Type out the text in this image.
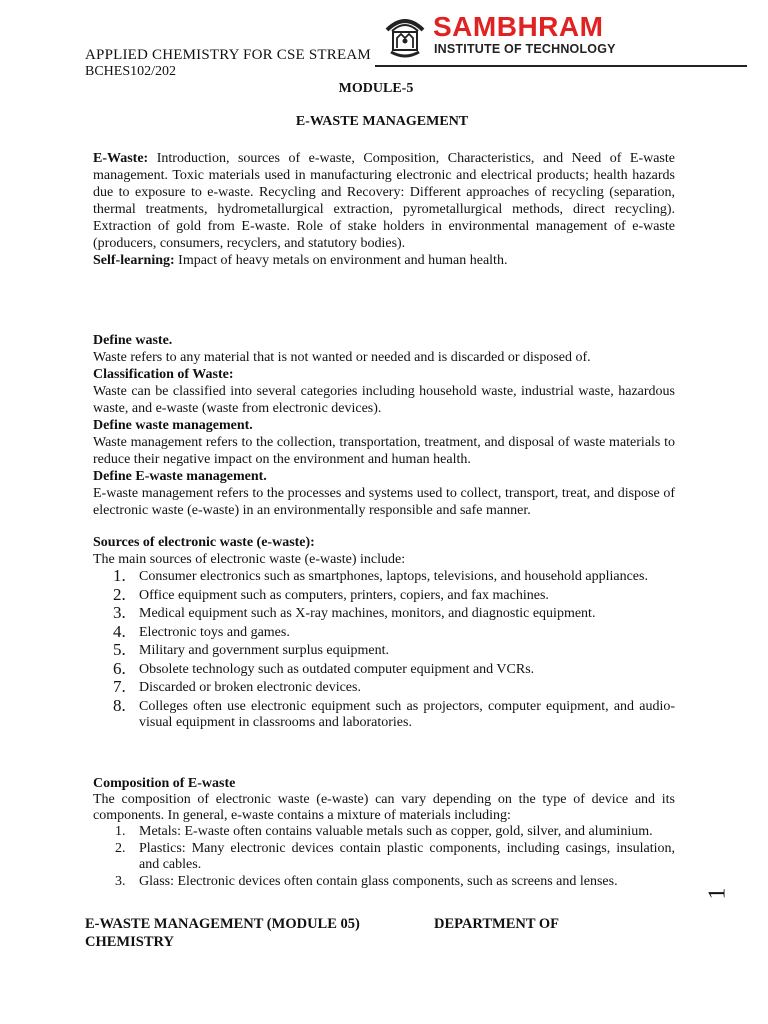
APPLIED CHEMISTRY FOR CSE STREAM
BCHES102/202
SAMBHRAM
INSTITUTE OF TECHNOLOGY
MODULE-5
E-WASTE MANAGEMENT
E-Waste: Introduction, sources of e-waste, Composition, Characteristics, and Need of E-waste management. Toxic materials used in manufacturing electronic and electrical products; health hazards due to exposure to e-waste. Recycling and Recovery: Different approaches of recycling (separation, thermal treatments, hydrometallurgical extraction, pyrometallurgical methods, direct recycling). Extraction of gold from E-waste. Role of stake holders in environmental management of e-waste (producers, consumers, recyclers, and statutory bodies).
Self-learning: Impact of heavy metals on environment and human health.
Define waste.
Waste refers to any material that is not wanted or needed and is discarded or disposed of.
Classification of Waste:
Waste can be classified into several categories including household waste, industrial waste, hazardous waste, and e-waste (waste from electronic devices).
Define waste management.
Waste management refers to the collection, transportation, treatment, and disposal of waste materials to reduce their negative impact on the environment and human health.
Define E-waste management.
E-waste management refers to the processes and systems used to collect, transport, treat, and dispose of electronic waste (e-waste) in an environmentally responsible and safe manner.
Sources of electronic waste (e-waste):
The main sources of electronic waste (e-waste) include:
1. Consumer electronics such as smartphones, laptops, televisions, and household appliances.
2. Office equipment such as computers, printers, copiers, and fax machines.
3. Medical equipment such as X-ray machines, monitors, and diagnostic equipment.
4. Electronic toys and games.
5. Military and government surplus equipment.
6. Obsolete technology such as outdated computer equipment and VCRs.
7. Discarded or broken electronic devices.
8. Colleges often use electronic equipment such as projectors, computer equipment, and audio-visual equipment in classrooms and laboratories.
Composition of E-waste
The composition of electronic waste (e-waste) can vary depending on the type of device and its components. In general, e-waste contains a mixture of materials including:
1. Metals: E-waste often contains valuable metals such as copper, gold, silver, and aluminium.
2. Plastics: Many electronic devices contain plastic components, including casings, insulation, and cables.
3. Glass: Electronic devices often contain glass components, such as screens and lenses.
E-WASTE MANAGEMENT (MODULE 05)
CHEMISTRY
DEPARTMENT OF
1
